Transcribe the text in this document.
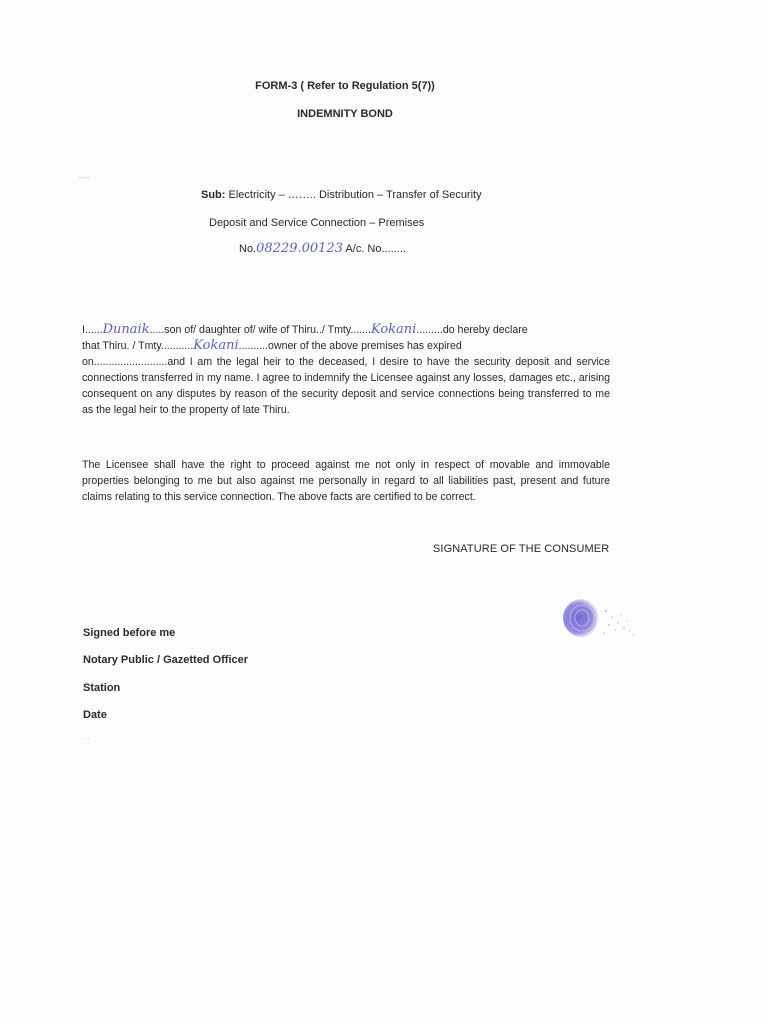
FORM-3 ( Refer to Regulation 5(7))
INDEMNITY BOND
·—
Sub: Electricity – …….. Distribution – Transfer of Security
Deposit and Service Connection – Premises
No.08229.00123 A/c. No........

I......Dunaik.....son of/ daughter of/ wife of Thiru../ Tmty.......Kokani.........do hereby declare

that Thiru. / Tmty...........Kokani..........owner of the above premises has expired

on.........................and I am the legal heir to the deceased, I desire to have the security deposit and service connections transferred in my name. I agree to indemnify the Licensee against any losses, damages etc., arising consequent on any disputes by reason of the security deposit and service connections being transferred to me as the legal heir to the property of late Thiru.

The Licensee shall have the right to proceed against me not only in respect of movable and immovable properties belonging to me but also against me personally in regard to all liabilities past, present and future claims relating to this service connection. The above facts are certified to be correct.
SIGNATURE OF THE CONSUMER
Signed before me
Notary Public / Gazetted Officer
Station
Date
··
